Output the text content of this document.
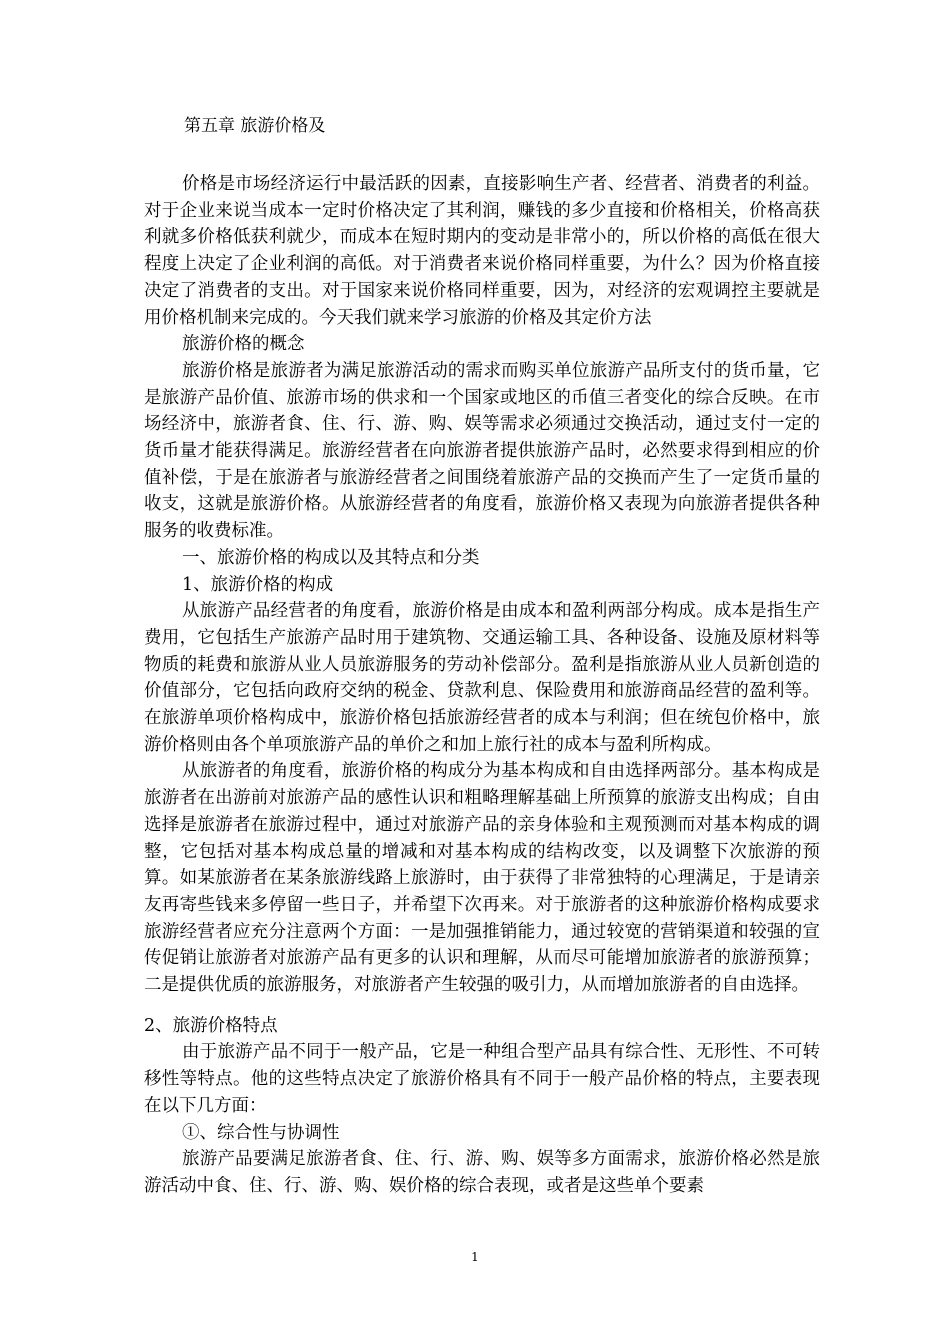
第五章 旅游价格及

价格是市场经济运行中最活跃的因素，直接影响生产者、经营者、消费者的利益。对于企业来说当成本一定时价格决定了其利润，赚钱的多少直接和价格相关，价格高获利就多价格低获利就少，而成本在短时期内的变动是非常小的，所以价格的高低在很大程度上决定了企业利润的高低。对于消费者来说价格同样重要，为什么？因为价格直接决定了消费者的支出。对于国家来说价格同样重要，因为，对经济的宏观调控主要就是用价格机制来完成的。今天我们就来学习旅游的价格及其定价方法

旅游价格的概念

旅游价格是旅游者为满足旅游活动的需求而购买单位旅游产品所支付的货币量，它是旅游产品价值、旅游市场的供求和一个国家或地区的币值三者变化的综合反映。在市场经济中，旅游者食、住、行、游、购、娱等需求必须通过交换活动，通过支付一定的货币量才能获得满足。旅游经营者在向旅游者提供旅游产品时，必然要求得到相应的价值补偿，于是在旅游者与旅游经营者之间围绕着旅游产品的交换而产生了一定货币量的收支，这就是旅游价格。从旅游经营者的角度看，旅游价格又表现为向旅游者提供各种服务的收费标准。

一、旅游价格的构成以及其特点和分类
1、旅游价格的构成

从旅游产品经营者的角度看，旅游价格是由成本和盈利两部分构成。成本是指生产费用，它包括生产旅游产品时用于建筑物、交通运输工具、各种设备、设施及原材料等物质的耗费和旅游从业人员旅游服务的劳动补偿部分。盈利是指旅游从业人员新创造的价值部分，它包括向政府交纳的税金、贷款利息、保险费用和旅游商品经营的盈利等。在旅游单项价格构成中，旅游价格包括旅游经营者的成本与利润；但在统包价格中，旅游价格则由各个单项旅游产品的单价之和加上旅行社的成本与盈利所构成。

从旅游者的角度看，旅游价格的构成分为基本构成和自由选择两部分。基本构成是旅游者在出游前对旅游产品的感性认识和粗略理解基础上所预算的旅游支出构成；自由选择是旅游者在旅游过程中，通过对旅游产品的亲身体验和主观预测而对基本构成的调整，它包括对基本构成总量的增减和对基本构成的结构改变，以及调整下次旅游的预算。如某旅游者在某条旅游线路上旅游时，由于获得了非常独特的心理满足，于是请亲友再寄些钱来多停留一些日子，并希望下次再来。对于旅游者的这种旅游价格构成要求旅游经营者应充分注意两个方面：一是加强推销能力，通过较宽的营销渠道和较强的宣传促销让旅游者对旅游产品有更多的认识和理解，从而尽可能增加旅游者的旅游预算；二是提供优质的旅游服务，对旅游者产生较强的吸引力，从而增加旅游者的自由选择。

2、旅游价格特点

由于旅游产品不同于一般产品，它是一种组合型产品具有综合性、无形性、不可转移性等特点。他的这些特点决定了旅游价格具有不同于一般产品价格的特点，主要表现在以下几方面：

①、综合性与协调性

旅游产品要满足旅游者食、住、行、游、购、娱等多方面需求，旅游价格必然是旅游活动中食、住、行、游、购、娱价格的综合表现，或者是这些单个要素

1
